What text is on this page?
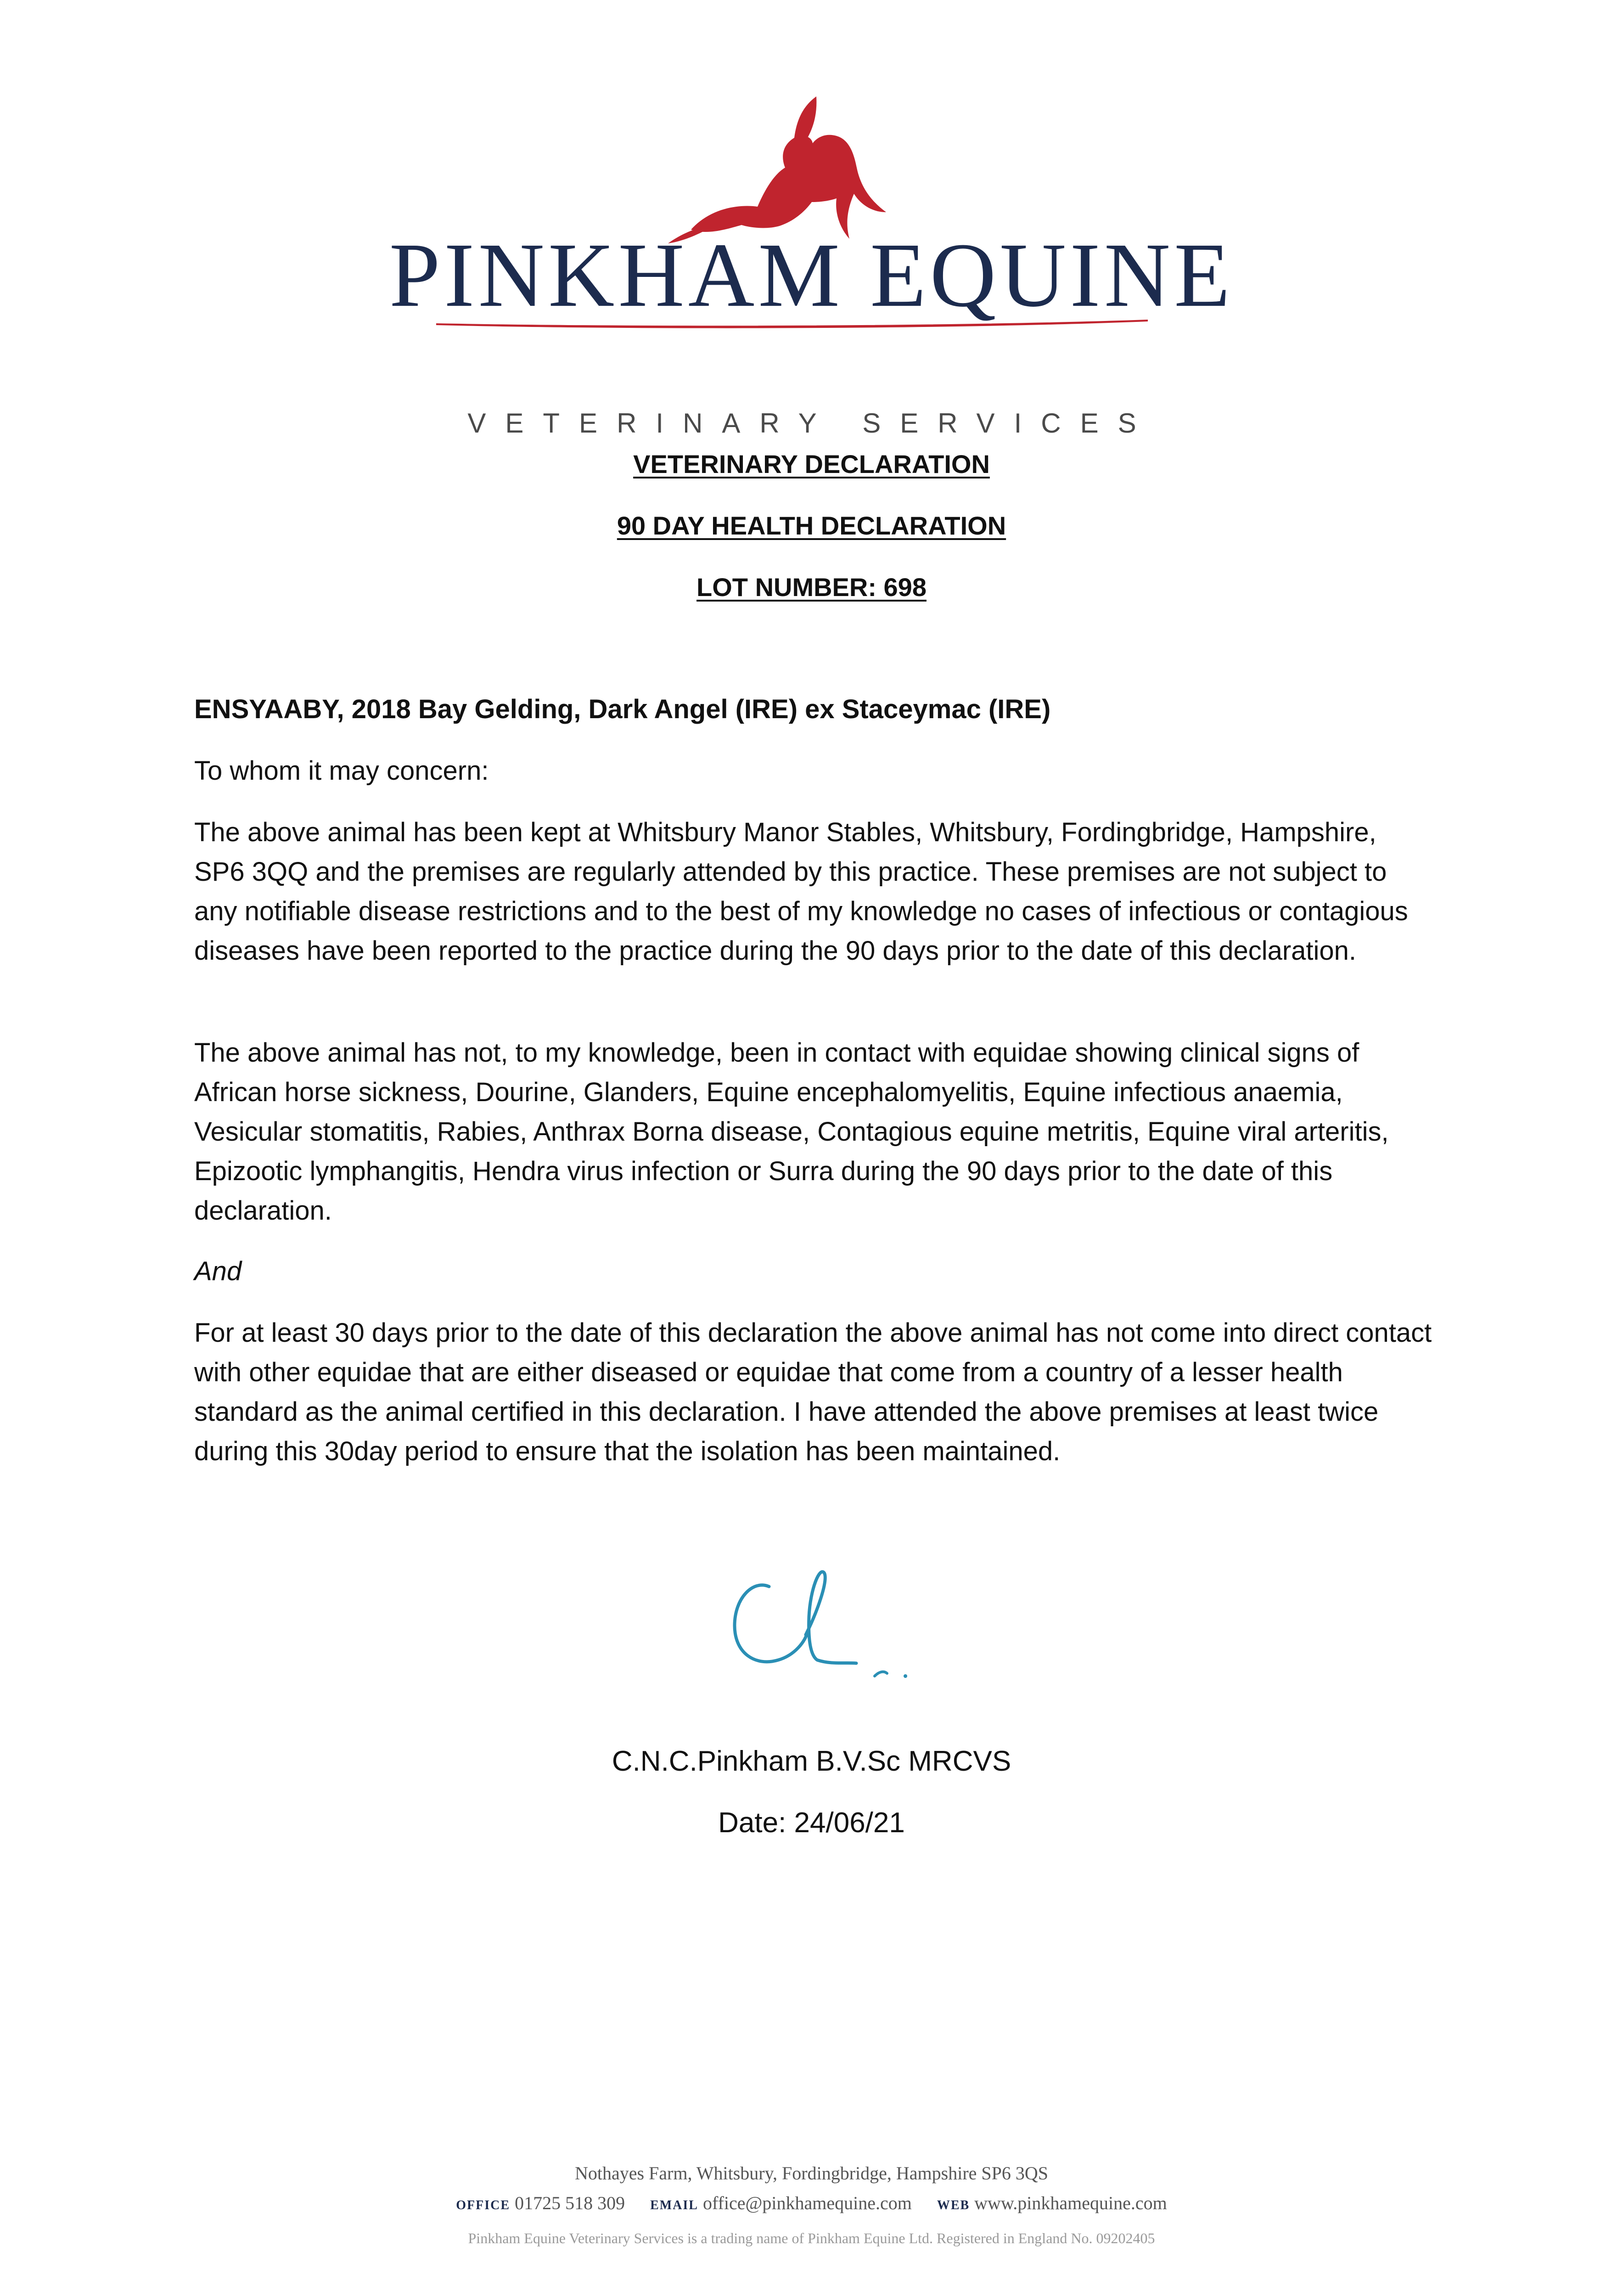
PINKHAM EQUINE
VETERINARY SERVICES
VETERINARY DECLARATION
90 DAY HEALTH DECLARATION
LOT NUMBER: 698
ENSYAABY, 2018 Bay Gelding, Dark Angel (IRE) ex Staceymac (IRE)
To whom it may concern:
The above animal has been kept at Whitsbury Manor Stables, Whitsbury, Fordingbridge, Hampshire, SP6 3QQ and the premises are regularly attended by this practice. These premises are not subject to any notifiable disease restrictions and to the best of my knowledge no cases of infectious or contagious diseases have been reported to the practice during the 90 days prior to the date of this declaration.
The above animal has not, to my knowledge, been in contact with equidae showing clinical signs of African horse sickness, Dourine, Glanders, Equine encephalomyelitis, Equine infectious anaemia, Vesicular stomatitis, Rabies, Anthrax Borna disease, Contagious equine metritis, Equine viral arteritis, Epizootic lymphangitis, Hendra virus infection or Surra during the 90 days prior to the date of this declaration.
And
For at least 30 days prior to the date of this declaration the above animal has not come into direct contact with other equidae that are either diseased or equidae that come from a country of a lesser health standard as the animal certified in this declaration. I have attended the above premises at least twice during this 30day period to ensure that the isolation has been maintained.
C.N.C.Pinkham B.V.Sc MRCVS
Date: 24/06/21
Nothayes Farm, Whitsbury, Fordingbridge, Hampshire SP6 3QS
office 01725 518 309 email office@pinkhamequine.com web www.pinkhamequine.com
Pinkham Equine Veterinary Services is a trading name of Pinkham Equine Ltd. Registered in England No. 09202405
